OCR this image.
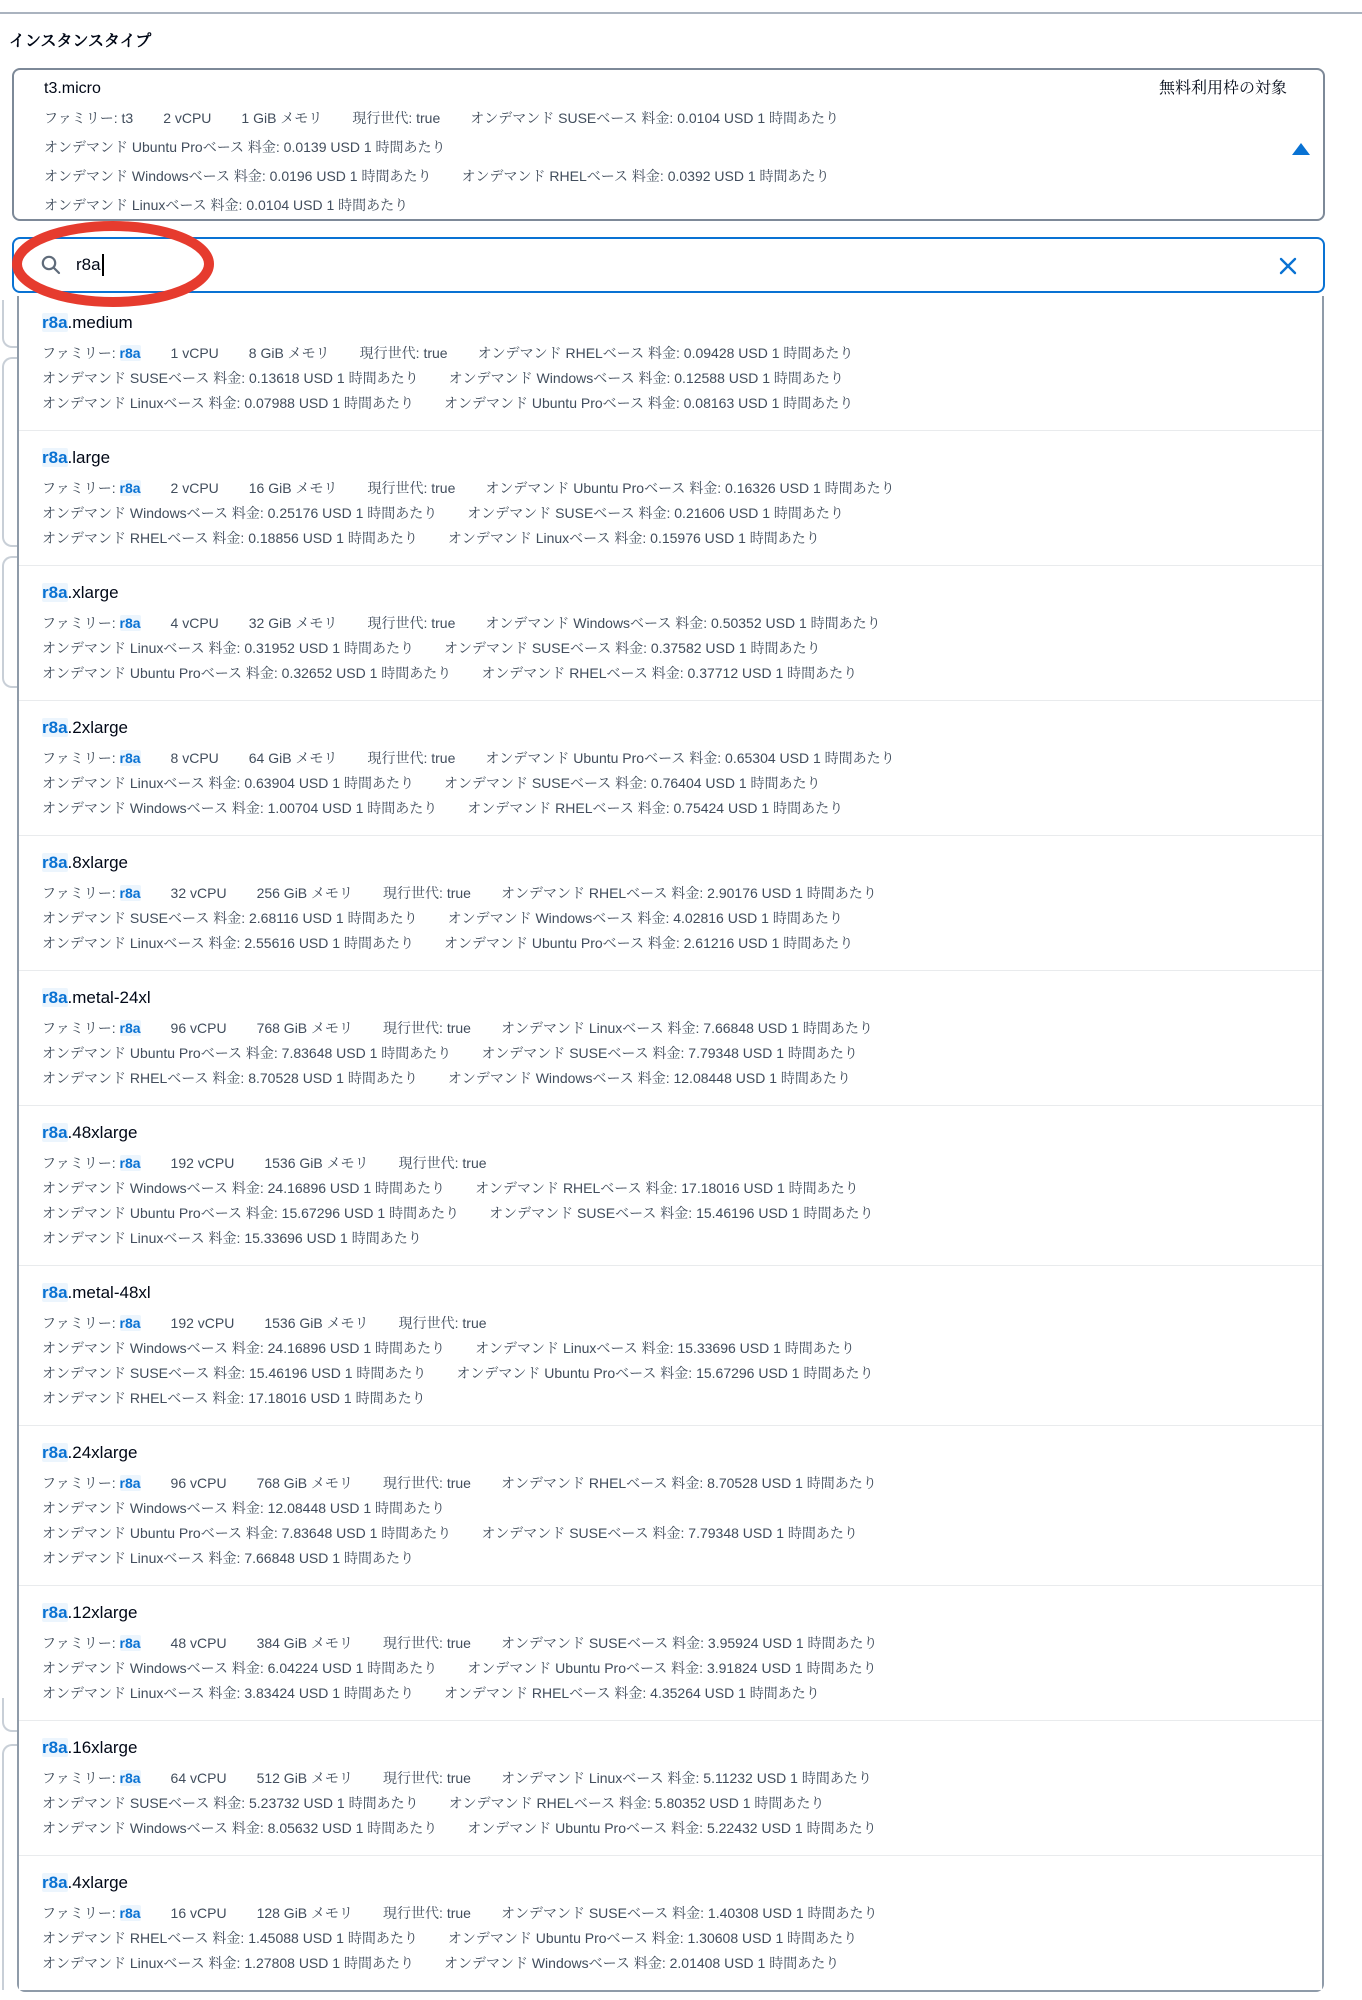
インスタンスタイプ
t3.micro	無料利用枠の対象
ファミリー: t3 2 vCPU 1 GiB メモリ 現行世代: true オンデマンド SUSEベース 料金: 0.0104 USD 1 時間あたり
オンデマンド Ubuntu Proベース 料金: 0.0139 USD 1 時間あたり
オンデマンド Windowsベース 料金: 0.0196 USD 1 時間あたり オンデマンド RHELベース 料金: 0.0392 USD 1 時間あたり
オンデマンド Linuxベース 料金: 0.0104 USD 1 時間あたり
r8a
r8a.medium
ファミリー: r8a 1 vCPU 8 GiB メモリ 現行世代: true オンデマンド RHELベース 料金: 0.09428 USD 1 時間あたり
オンデマンド SUSEベース 料金: 0.13618 USD 1 時間あたり オンデマンド Windowsベース 料金: 0.12588 USD 1 時間あたり
オンデマンド Linuxベース 料金: 0.07988 USD 1 時間あたり オンデマンド Ubuntu Proベース 料金: 0.08163 USD 1 時間あたり
r8a.large
ファミリー: r8a 2 vCPU 16 GiB メモリ 現行世代: true オンデマンド Ubuntu Proベース 料金: 0.16326 USD 1 時間あたり
オンデマンド Windowsベース 料金: 0.25176 USD 1 時間あたり オンデマンド SUSEベース 料金: 0.21606 USD 1 時間あたり
オンデマンド RHELベース 料金: 0.18856 USD 1 時間あたり オンデマンド Linuxベース 料金: 0.15976 USD 1 時間あたり
r8a.xlarge
ファミリー: r8a 4 vCPU 32 GiB メモリ 現行世代: true オンデマンド Windowsベース 料金: 0.50352 USD 1 時間あたり
オンデマンド Linuxベース 料金: 0.31952 USD 1 時間あたり オンデマンド SUSEベース 料金: 0.37582 USD 1 時間あたり
オンデマンド Ubuntu Proベース 料金: 0.32652 USD 1 時間あたり オンデマンド RHELベース 料金: 0.37712 USD 1 時間あたり
r8a.2xlarge
ファミリー: r8a 8 vCPU 64 GiB メモリ 現行世代: true オンデマンド Ubuntu Proベース 料金: 0.65304 USD 1 時間あたり
オンデマンド Linuxベース 料金: 0.63904 USD 1 時間あたり オンデマンド SUSEベース 料金: 0.76404 USD 1 時間あたり
オンデマンド Windowsベース 料金: 1.00704 USD 1 時間あたり オンデマンド RHELベース 料金: 0.75424 USD 1 時間あたり
r8a.8xlarge
ファミリー: r8a 32 vCPU 256 GiB メモリ 現行世代: true オンデマンド RHELベース 料金: 2.90176 USD 1 時間あたり
オンデマンド SUSEベース 料金: 2.68116 USD 1 時間あたり オンデマンド Windowsベース 料金: 4.02816 USD 1 時間あたり
オンデマンド Linuxベース 料金: 2.55616 USD 1 時間あたり オンデマンド Ubuntu Proベース 料金: 2.61216 USD 1 時間あたり
r8a.metal-24xl
ファミリー: r8a 96 vCPU 768 GiB メモリ 現行世代: true オンデマンド Linuxベース 料金: 7.66848 USD 1 時間あたり
オンデマンド Ubuntu Proベース 料金: 7.83648 USD 1 時間あたり オンデマンド SUSEベース 料金: 7.79348 USD 1 時間あたり
オンデマンド RHELベース 料金: 8.70528 USD 1 時間あたり オンデマンド Windowsベース 料金: 12.08448 USD 1 時間あたり
r8a.48xlarge
ファミリー: r8a 192 vCPU 1536 GiB メモリ 現行世代: true
オンデマンド Windowsベース 料金: 24.16896 USD 1 時間あたり オンデマンド RHELベース 料金: 17.18016 USD 1 時間あたり
オンデマンド Ubuntu Proベース 料金: 15.67296 USD 1 時間あたり オンデマンド SUSEベース 料金: 15.46196 USD 1 時間あたり
オンデマンド Linuxベース 料金: 15.33696 USD 1 時間あたり
r8a.metal-48xl
ファミリー: r8a 192 vCPU 1536 GiB メモリ 現行世代: true
オンデマンド Windowsベース 料金: 24.16896 USD 1 時間あたり オンデマンド Linuxベース 料金: 15.33696 USD 1 時間あたり
オンデマンド SUSEベース 料金: 15.46196 USD 1 時間あたり オンデマンド Ubuntu Proベース 料金: 15.67296 USD 1 時間あたり
オンデマンド RHELベース 料金: 17.18016 USD 1 時間あたり
r8a.24xlarge
ファミリー: r8a 96 vCPU 768 GiB メモリ 現行世代: true オンデマンド RHELベース 料金: 8.70528 USD 1 時間あたり
オンデマンド Windowsベース 料金: 12.08448 USD 1 時間あたり
オンデマンド Ubuntu Proベース 料金: 7.83648 USD 1 時間あたり オンデマンド SUSEベース 料金: 7.79348 USD 1 時間あたり
オンデマンド Linuxベース 料金: 7.66848 USD 1 時間あたり
r8a.12xlarge
ファミリー: r8a 48 vCPU 384 GiB メモリ 現行世代: true オンデマンド SUSEベース 料金: 3.95924 USD 1 時間あたり
オンデマンド Windowsベース 料金: 6.04224 USD 1 時間あたり オンデマンド Ubuntu Proベース 料金: 3.91824 USD 1 時間あたり
オンデマンド Linuxベース 料金: 3.83424 USD 1 時間あたり オンデマンド RHELベース 料金: 4.35264 USD 1 時間あたり
r8a.16xlarge
ファミリー: r8a 64 vCPU 512 GiB メモリ 現行世代: true オンデマンド Linuxベース 料金: 5.11232 USD 1 時間あたり
オンデマンド SUSEベース 料金: 5.23732 USD 1 時間あたり オンデマンド RHELベース 料金: 5.80352 USD 1 時間あたり
オンデマンド Windowsベース 料金: 8.05632 USD 1 時間あたり オンデマンド Ubuntu Proベース 料金: 5.22432 USD 1 時間あたり
r8a.4xlarge
ファミリー: r8a 16 vCPU 128 GiB メモリ 現行世代: true オンデマンド SUSEベース 料金: 1.40308 USD 1 時間あたり
オンデマンド RHELベース 料金: 1.45088 USD 1 時間あたり オンデマンド Ubuntu Proベース 料金: 1.30608 USD 1 時間あたり
オンデマンド Linuxベース 料金: 1.27808 USD 1 時間あたり オンデマンド Windowsベース 料金: 2.01408 USD 1 時間あたり
